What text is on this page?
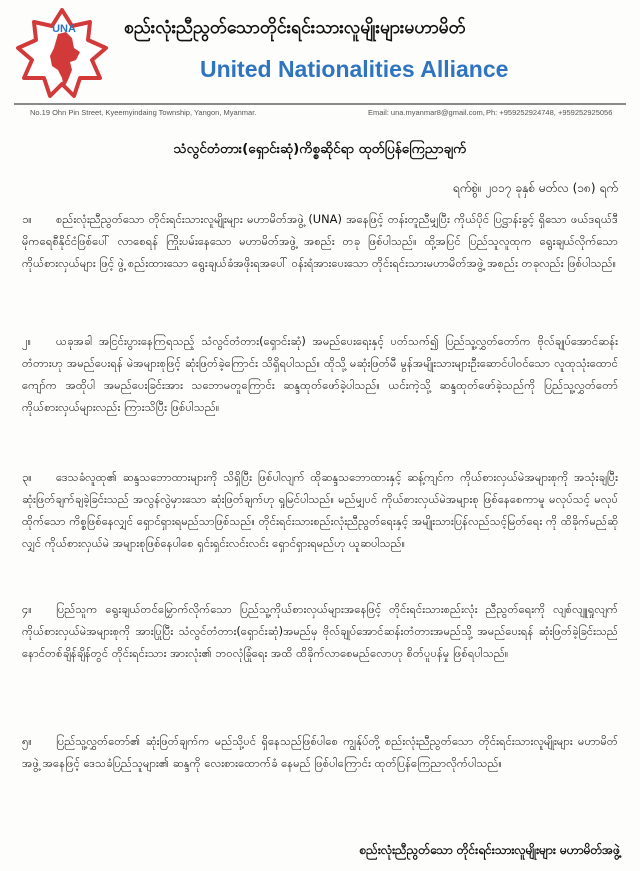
UNA	စည်းလုံးညီညွတ်သောတိုင်းရင်းသားလူမျိုးများမဟာမိတ်
United Nationalities Alliance
No.19 Ohn Pin Street, Kyeemyindaing Township, Yangon, Myanmar.	Email: una.myanmar8@gmail.com, Ph: +959252924748, +959252925056
သံလွင်တံတား(ရှောင်းဆုံ)ကိစ္စဆိုင်ရာ ထုတ်ပြန်ကြေညာချက်
ရက်စွဲ။ ၂၀၁၇ ခုနှစ် မတ်လ (၁၈) ရက်
၁။	စည်းလုံးညီညွတ်သော တိုင်းရင်းသားလူမျိုးများ မဟာမိတ်အဖွဲ့ (UNA) အနေဖြင့် တန်းတူညီမျှပြီး ကိုယ်ပိုင် ပြဋ္ဌာန်းခွင့် ရှိသော ဖယ်ဒရယ်ဒီမိုကရေစီနိုင်ငံဖြစ်ပေါ် လာစေရန် ကြိုးပမ်းနေသော မဟာမိတ်အဖွဲ့ အစည်း တခု ဖြစ်ပါသည်။ ထို့အပြင် ပြည်သူလူထုက ရွေးချယ်လိုက်သော ကိုယ်စားလှယ်များ ဖြင့် ဖွဲ့ စည်းထားသော ရွေးချယ်ခံအဖိုးရအပေါ် ဝန်းရံအားပေးသော တိုင်းရင်းသားမဟာမိတ်အဖွဲ့ အစည်း တခုလည်း ဖြစ်ပါသည်။
၂။	ယခုအခါ အငြင်းပွားနေကြရသည့် သံလွင်တံတား(ရှောင်းဆုံ) အမည်ပေးရေးနှင့် ပတ်သက်၍ ပြည်သူ့လွှတ်တော်က ဗိုလ်ချုပ်အောင်ဆန်းတံတားဟု အမည်ပေးရန် မဲအများစုဖြင့် ဆုံးဖြတ်ခဲ့ကြောင်း သိရှိရပါသည်။ ထိုသို့ မဆုံးဖြတ်မီ မွန်အမျိုးသားများဦးဆောင်ပါဝင်သော လူထုသုံးထောင်ကျော်က အထိုပါ အမည်ပေးခြင်းအား သဘောမတူကြောင်း ဆန္ဒထုတ်ဖော်ခဲ့ပါသည်။ ယင်းကဲ့သို့ ဆန္ဒထုတ်ဖော်ခဲ့သည်ကို ပြည်သူ့လွှတ်တော် ကိုယ်စားလှယ်များလည်း ကြားသိပြီး ဖြစ်ပါသည်။
၃။	ဒေသခံလူထု၏ ဆန္ဒသဘောထားများကို သိရှိပြီး ဖြစ်ပါလျက် ထိုဆန္ဒသဘောထားနှင့် ဆန့်ကျင်က ကိုယ်စားလှယ်မဲအများစုကို အသုံးချပြီး ဆုံးဖြတ်ချက်ချခဲ့ခြင်းသည် အလွန်လွဲမှားသော ဆုံးဖြတ်ချက်ဟု ရှုမြင်ပါသည်။ မည်မျှပင် ကိုယ်စားလှယ်မဲအများစု ဖြစ်နေစေကာမူ မလုပ်သင့် မလုပ်ထိုက်သော ကိစ္စဖြစ်နေလျှင် ရှောင်ရှားရမည်သာဖြစ်သည်။ တိုင်းရင်းသားစည်းလုံးညီညွတ်ရေးနှင့် အမျိုးသားပြန်လည်သင့်မြတ်ရေး ကို ထိခိုက်မည်ဆိုလျှင် ကိုယ်စားလှယ်မဲ အများစုဖြစ်နေပါစေ ရှင်းရှင်းလင်းလင်း ရှောင်ရှားရမည်ဟု ယူဆပါသည်။
၄။	ပြည်သူက ရွေးချယ်တင်မြှောက်လိုက်သော ပြည်သူ့ကိုယ်စားလှယ်များအနေဖြင့် တိုင်းရင်းသားစည်းလုံး ညီညွတ်ရေးကို လျစ်လျူရှုလျက် ကိုယ်စားလှယ်မဲအများစုကို အားပြုပြီး သံလွင်တံတား(ရှောင်းဆုံ)အမည်မှ ဗိုလ်ချုပ်အောင်ဆန်းတံတားအမည်သို့ အမည်ပေးရန် ဆုံးဖြတ်ခဲ့ခြင်းသည် နောင်တစ်ချိန်ချိန်တွင် တိုင်းရင်းသား အားလုံး၏ ဘဝလုံခြုံရေး အထိ ထိခိုက်လာစေမည်လောဟု စိတ်ပူပန်မှု ဖြစ်ရပါသည်။
၅။	ပြည်သူ့လွှတ်တော်၏ ဆုံးဖြတ်ချက်က မည်သို့ပင် ရှိနေသည်ဖြစ်ပါစေ ကျွန်ုပ်တို့ စည်းလုံးညီညွတ်သော တိုင်းရင်းသားလူမျိုးများ မဟာမိတ်အဖွဲ့ အနေဖြင့် ဒေသခံပြည်သူများ၏ ဆန္ဒကို လေးစားထောက်ခံ နေမည် ဖြစ်ပါကြောင်း ထုတ်ပြန်ကြေညာလိုက်ပါသည်။
စည်းလုံးညီညွတ်သော တိုင်းရင်းသားလူမျိုးများ မဟာမိတ်အဖွဲ့
